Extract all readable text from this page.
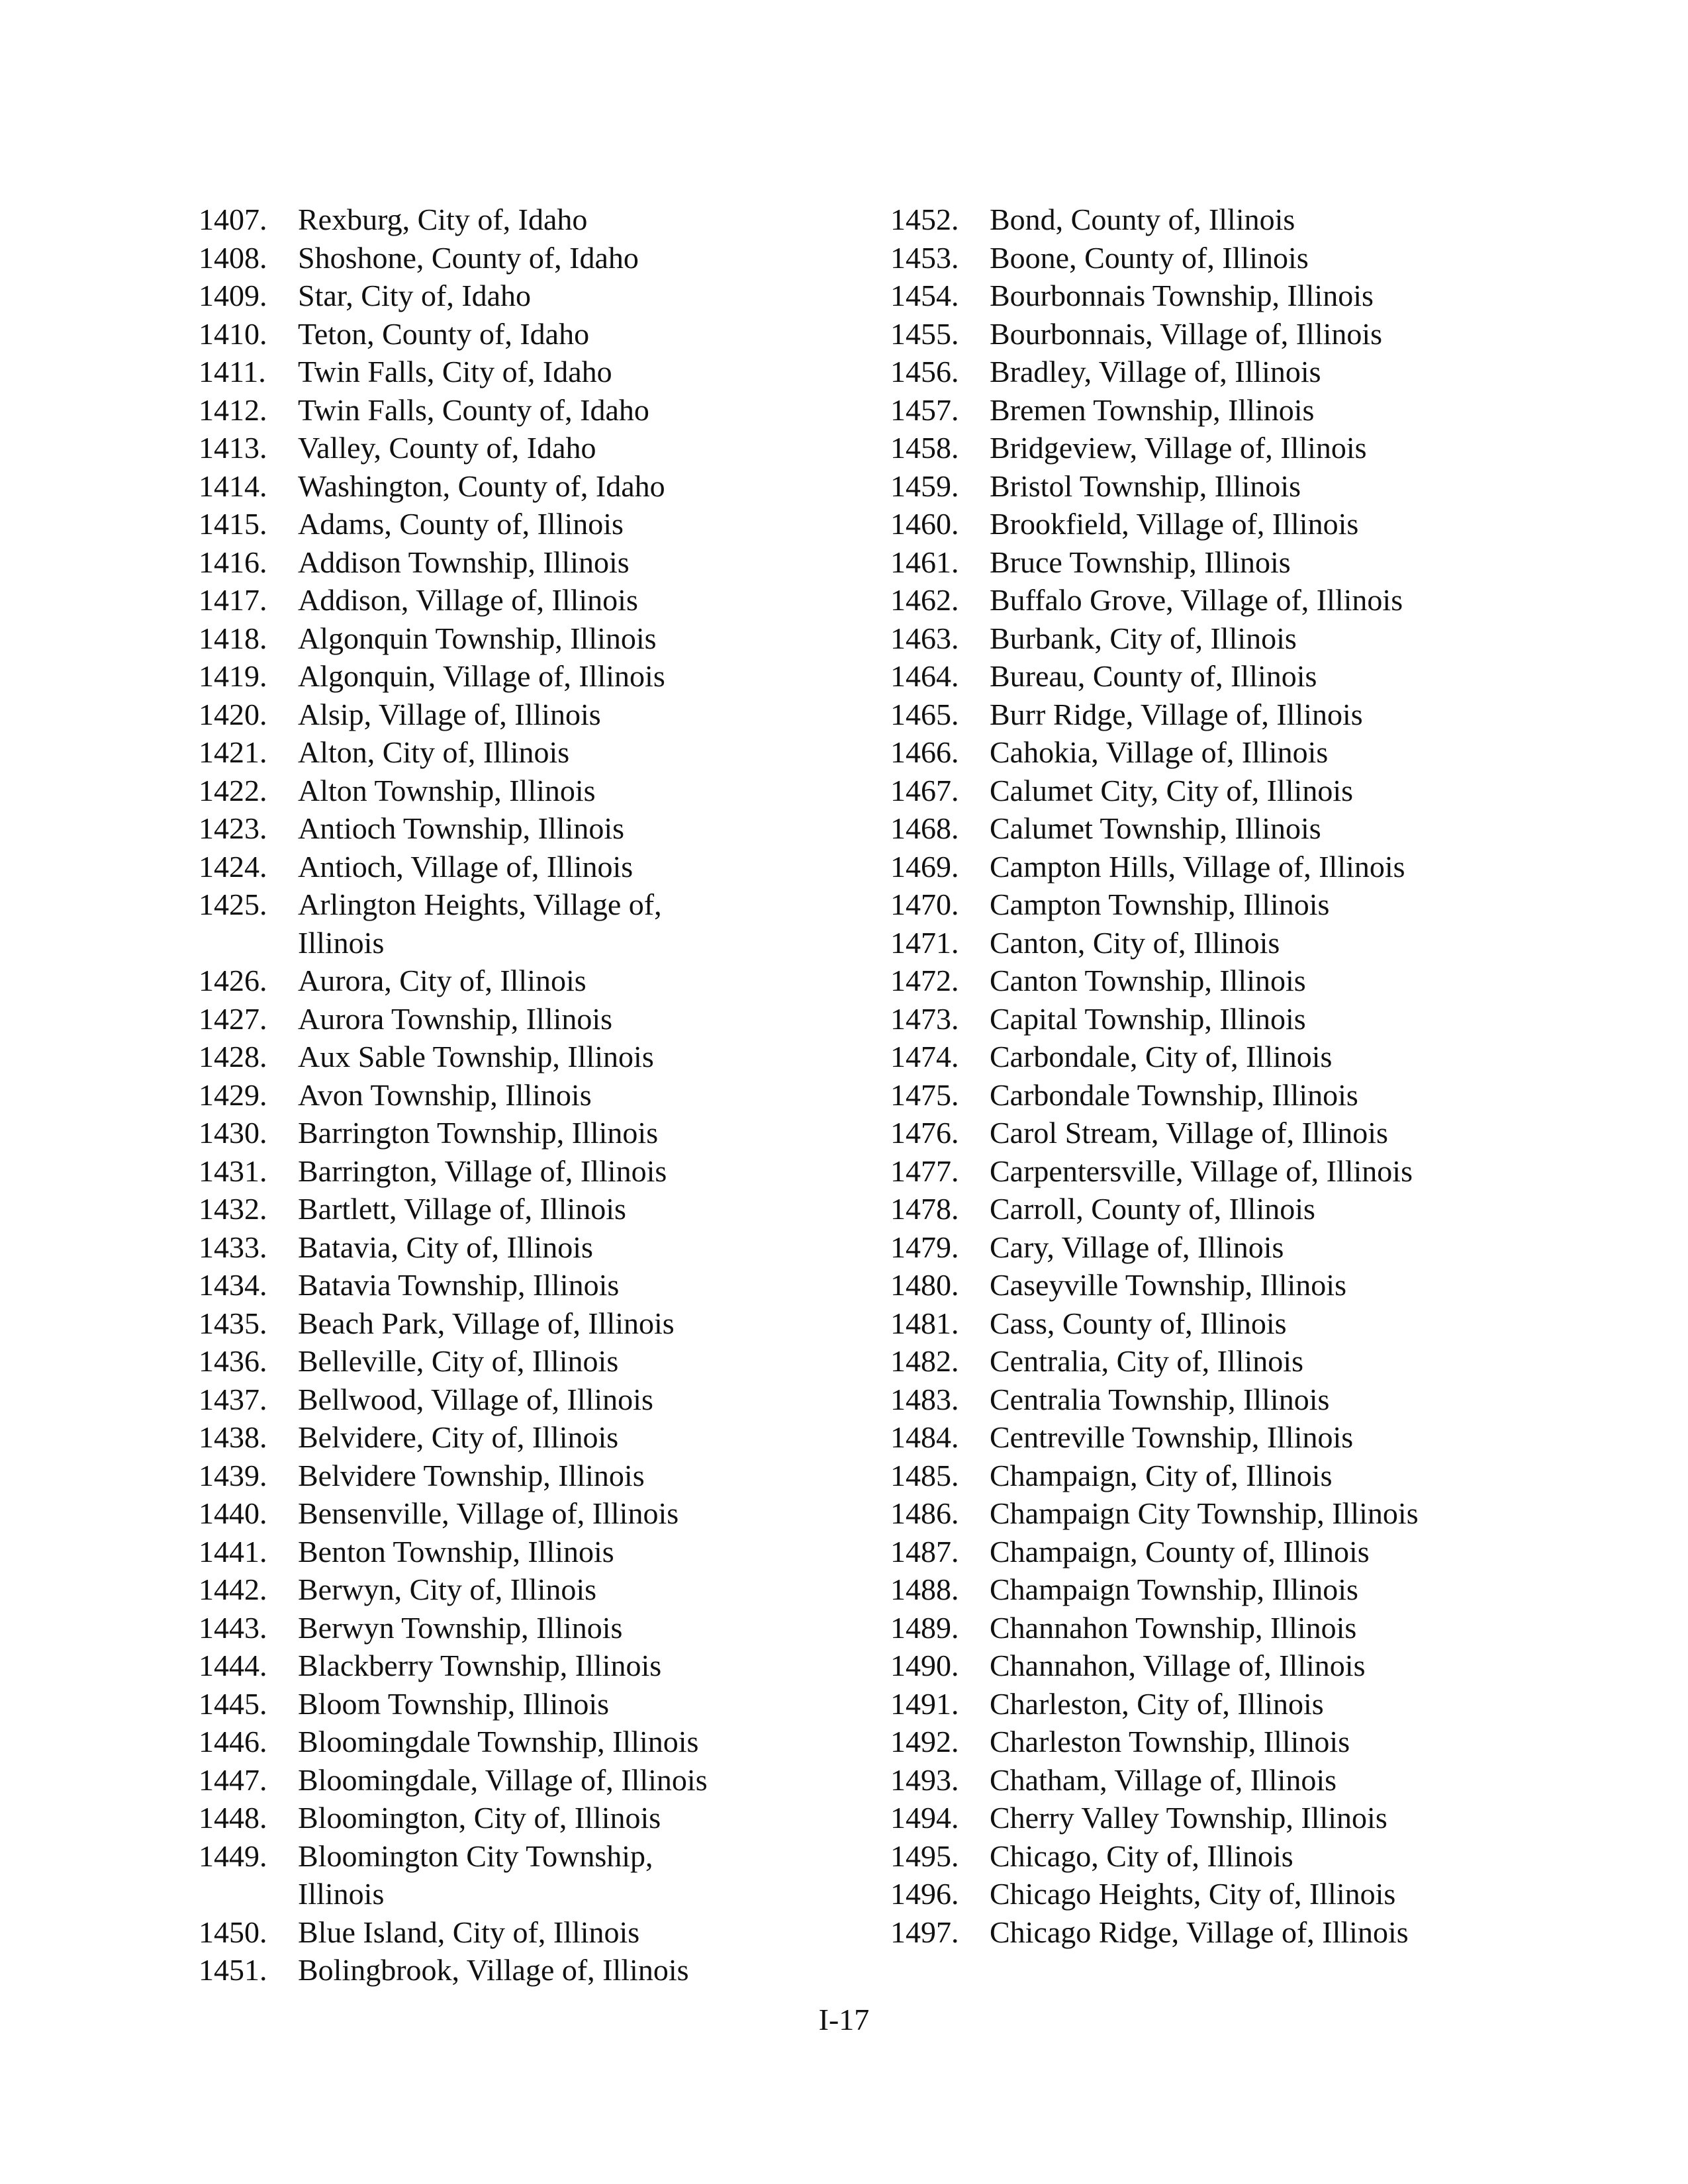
1407.	Rexburg, City of, Idaho
1408.	Shoshone, County of, Idaho
1409.	Star, City of, Idaho
1410.	Teton, County of, Idaho
1411.	Twin Falls, City of, Idaho
1412.	Twin Falls, County of, Idaho
1413.	Valley, County of, Idaho
1414.	Washington, County of, Idaho
1415.	Adams, County of, Illinois
1416.	Addison Township, Illinois
1417.	Addison, Village of, Illinois
1418.	Algonquin Township, Illinois
1419.	Algonquin, Village of, Illinois
1420.	Alsip, Village of, Illinois
1421.	Alton, City of, Illinois
1422.	Alton Township, Illinois
1423.	Antioch Township, Illinois
1424.	Antioch, Village of, Illinois
1425.	Arlington Heights, Village of, Illinois
1426.	Aurora, City of, Illinois
1427.	Aurora Township, Illinois
1428.	Aux Sable Township, Illinois
1429.	Avon Township, Illinois
1430.	Barrington Township, Illinois
1431.	Barrington, Village of, Illinois
1432.	Bartlett, Village of, Illinois
1433.	Batavia, City of, Illinois
1434.	Batavia Township, Illinois
1435.	Beach Park, Village of, Illinois
1436.	Belleville, City of, Illinois
1437.	Bellwood, Village of, Illinois
1438.	Belvidere, City of, Illinois
1439.	Belvidere Township, Illinois
1440.	Bensenville, Village of, Illinois
1441.	Benton Township, Illinois
1442.	Berwyn, City of, Illinois
1443.	Berwyn Township, Illinois
1444.	Blackberry Township, Illinois
1445.	Bloom Township, Illinois
1446.	Bloomingdale Township, Illinois
1447.	Bloomingdale, Village of, Illinois
1448.	Bloomington, City of, Illinois
1449.	Bloomington City Township, Illinois
1450.	Blue Island, City of, Illinois
1451.	Bolingbrook, Village of, Illinois
1452.	Bond, County of, Illinois
1453.	Boone, County of, Illinois
1454.	Bourbonnais Township, Illinois
1455.	Bourbonnais, Village of, Illinois
1456.	Bradley, Village of, Illinois
1457.	Bremen Township, Illinois
1458.	Bridgeview, Village of, Illinois
1459.	Bristol Township, Illinois
1460.	Brookfield, Village of, Illinois
1461.	Bruce Township, Illinois
1462.	Buffalo Grove, Village of, Illinois
1463.	Burbank, City of, Illinois
1464.	Bureau, County of, Illinois
1465.	Burr Ridge, Village of, Illinois
1466.	Cahokia, Village of, Illinois
1467.	Calumet City, City of, Illinois
1468.	Calumet Township, Illinois
1469.	Campton Hills, Village of, Illinois
1470.	Campton Township, Illinois
1471.	Canton, City of, Illinois
1472.	Canton Township, Illinois
1473.	Capital Township, Illinois
1474.	Carbondale, City of, Illinois
1475.	Carbondale Township, Illinois
1476.	Carol Stream, Village of, Illinois
1477.	Carpentersville, Village of, Illinois
1478.	Carroll, County of, Illinois
1479.	Cary, Village of, Illinois
1480.	Caseyville Township, Illinois
1481.	Cass, County of, Illinois
1482.	Centralia, City of, Illinois
1483.	Centralia Township, Illinois
1484.	Centreville Township, Illinois
1485.	Champaign, City of, Illinois
1486.	Champaign City Township, Illinois
1487.	Champaign, County of, Illinois
1488.	Champaign Township, Illinois
1489.	Channahon Township, Illinois
1490.	Channahon, Village of, Illinois
1491.	Charleston, City of, Illinois
1492.	Charleston Township, Illinois
1493.	Chatham, Village of, Illinois
1494.	Cherry Valley Township, Illinois
1495.	Chicago, City of, Illinois
1496.	Chicago Heights, City of, Illinois
1497.	Chicago Ridge, Village of, Illinois
I-17
